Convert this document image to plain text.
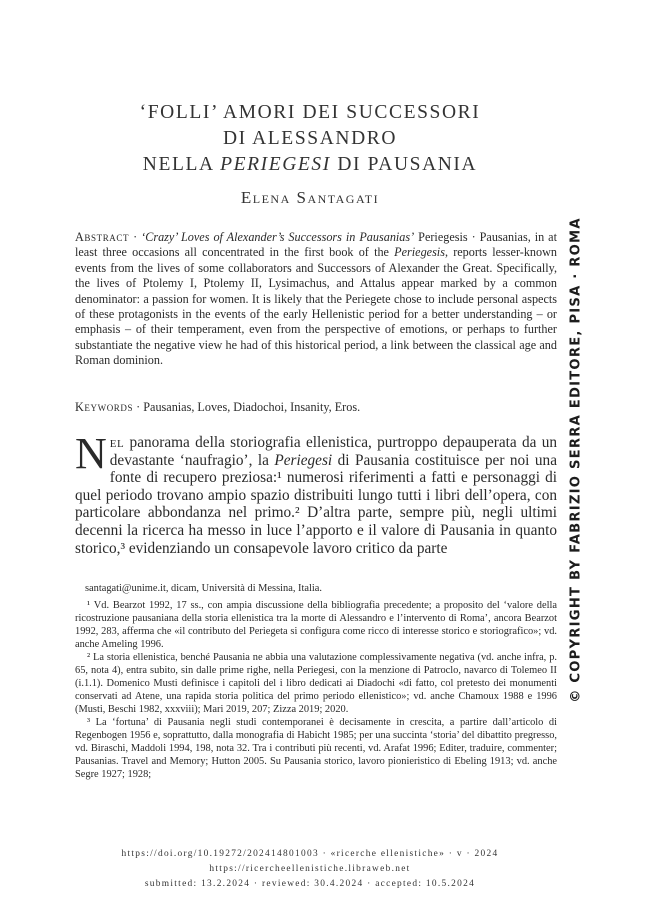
‘FOLLI’ AMORI DEI SUCCESSORI
DI ALESSANDRO
NELLA PERIEGESI DI PAUSANIA
Elena Santagati
Abstract · ‘Crazy’ Loves of Alexander’s Successors in Pausanias’ Periegesis · Pausanias, in at least three occasions all concentrated in the first book of the Periegesis, reports lesser-known events from the lives of some collaborators and Successors of Alexander the Great. Specifically, the lives of Ptolemy I, Ptolemy II, Lysimachus, and Attalus appear marked by a common denominator: a passion for women. It is likely that the Periegete chose to include personal aspects of these protagonists in the events of the early Hellenistic period for a better understanding – or emphasis – of their temperament, even from the perspective of emotions, or perhaps to further substantiate the negative view he had of this historical period, a link between the classical age and Roman dominion.
Keywords · Pausanias, Loves, Diadochoi, Insanity, Eros.
Nel panorama della storiografia ellenistica, purtroppo depauperata da un devastante ‘naufragio’, la Periegesi di Pausania costituisce per noi una fonte di recupero preziosa:¹ numerosi riferimenti a fatti e personaggi di quel periodo trovano ampio spazio distribuiti lungo tutti i libri dell’opera, con particolare abbondanza nel primo.² D’altra parte, sempre più, negli ultimi decenni la ricerca ha messo in luce l’apporto e il valore di Pausania in quanto storico,³ evidenziando un consapevole lavoro critico da parte

santagati@unime.it, dicam, Università di Messina, Italia.

¹ Vd. Bearzot 1992, 17 ss., con ampia discussione della bibliografia precedente; a proposito del ‘valore della ricostruzione pausaniana della storia ellenistica tra la morte di Alessandro e l’intervento di Roma’, ancora Bearzot 1992, 283, afferma che «il contributo del Periegeta si configura come ricco di interesse storico e storiografico»; vd. anche Ameling 1996.

² La storia ellenistica, benché Pausania ne abbia una valutazione complessivamente negativa (vd. anche infra, p. 65, nota 4), entra subito, sin dalle prime righe, nella Periegesi, con la menzione di Patroclo, navarco di Tolemeo II (i.1.1). Domenico Musti definisce i capitoli del i libro dedicati ai Diadochi «di fatto, col pretesto dei monumenti conservati ad Atene, una rapida storia politica del primo periodo ellenistico»; vd. anche Chamoux 1988 e 1996 (Musti, Beschi 1982, xxxviii); Mari 2019, 207; Zizza 2019; 2020.

³ La ‘fortuna’ di Pausania negli studi contemporanei è decisamente in crescita, a partire dall’articolo di Regenbogen 1956 e, soprattutto, dalla monografia di Habicht 1985; per una succinta ‘storia’ del dibattito pregresso, vd. Biraschi, Maddoli 1994, 198, nota 32. Tra i contributi più recenti, vd. Arafat 1996; Editer, traduire, commenter; Pausanias. Travel and Memory; Hutton 2005. Su Pausania storico, lavoro pionieristico di Ebeling 1913; vd. anche Segre 1927; 1928;

https://doi.org/10.19272/202414801003 · «ricerche ellenistiche» · v · 2024
https://ricercheellenistiche.libraweb.net
submitted: 13.2.2024 · reviewed: 30.4.2024 · accepted: 10.5.2024
© COPYRIGHT BY FABRIZIO SERRA EDITORE, PISA · ROMA
